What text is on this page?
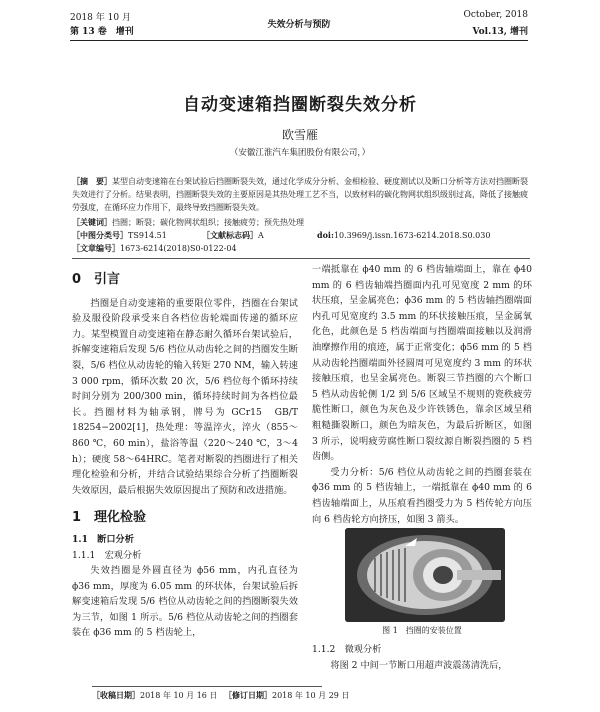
2018 年 10 月
第 13 卷　增刊
失效分析与预防
October, 2018
Vol.13, 增刊
自动变速箱挡圈断裂失效分析
欧雪雁
（安徽江淮汽车集团股份有限公司，）
［摘　要］某型自动变速箱在台架试验后挡圈断裂失效，通过化学成分分析、金相检验、硬度测试以及断口分析等方法对挡圈断裂失效进行了分析。结果表明，挡圈断裂失效的主要原因是其热处理工艺不当，以致材料的碳化物网状组织级别过高，降低了接触疲劳强度，在循环应力作用下，最终导致挡圈断裂失效。
［关键词］挡圈；断裂；碳化物网状组织；接触疲劳；预先热处理
［中图分类号］ TS914.51	［文献标志码］ A	doi: 10.3969/j.issn.1673-6214.2018.S0.030
［文章编号］1673-6214(2018)S0-0122-04
0　引言

挡圈是自动变速箱的重要限位零件，挡圈在台架试验及服役阶段承受来自各档位齿轮端面传递的循环应力。某型模置自动变速箱在静态耐久循环台架试验后，拆解变速箱后发现 5/6 档位从动齿轮之间的挡圈发生断裂，5/6 档位从动齿轮的输入转矩 270 NM，输入转速 3 000 rpm，循环次数 20 次，5/6 档位每个循环持续时间分别为 200/300 min，循环持续时间为各档位最长。挡圈材料为轴承钢，牌号为 GCr15　GB/T 18254−2002[1]，热处理：等温淬火，淬火（855～860 ℃，60 min），盐浴等温（220～240 ℃，3～4 h）；硬度 58～64HRC。笔者对断裂的挡圈进行了相关理化检验和分析，并结合试验结果综合分析了挡圈断裂失效原因，最后根据失效原因提出了预防和改进措施。

1　理化检验
1.1　断口分析
1.1.1　宏观分析

失效挡圈是外圆直径为 ϕ56 mm，内孔直径为 ϕ36 mm，厚度为 6.05 mm 的环状体，台架试验后拆解变速箱后发现 5/6 档位从动齿轮之间的挡圈断裂失效为三节，如图 1 所示。5/6 档位从动齿轮之间的挡圈套装在 ϕ36 mm 的 5 档齿轮上，

一端抵靠在 ϕ40 mm 的 6 档齿轴端面上，靠在 ϕ40 mm 的 6 档齿轴端挡圈面内孔可见宽度 2 mm 的环状压痕，呈金属亮色；ϕ36 mm 的 5 档齿轴挡圈端面内孔可见宽度约 3.5 mm 的环状接触压痕，呈金属氧化色，此颜色是 5 档齿端面与挡圈端面接触以及润滑油摩擦作用的痕迹，属于正常变化；ϕ56 mm 的 5 档从动齿轮挡圈端面外径圆周可见宽度约 3 mm 的环状接触压痕，也呈金属亮色。断裂三节挡圈的六个断口 5 档从动齿轮侧 1/2 到 5/6 区域呈不规则的瓷秩疲劳脆性断口，颜色为灰色及少许铁锈色，靠余区域呈稍粗糙撕裂断口，颜色为暗灰色，为最后折断区，如图 3 所示，说明疲劳腐性断口裂纹源自断裂挡圈的 5 档齿侧。

受力分析：5/6 档位从动齿轮之间的挡圈套装在 ϕ36 mm 的 5 档齿轴上，一端抵靠在 ϕ40 mm 的 6 档齿轴端面上，从压痕看挡圈受力为 5 档传轮方向压向 6 档齿轮方向挤压，如图 3 箭头。

图 1　挡圈的安装位置
1.1.2　微观分析

将图 2 中间一节断口用超声波震荡清洗后，

［收稿日期］2018 年 10 月 16 日 　 ［修订日期］2018 年 10 月 29 日
